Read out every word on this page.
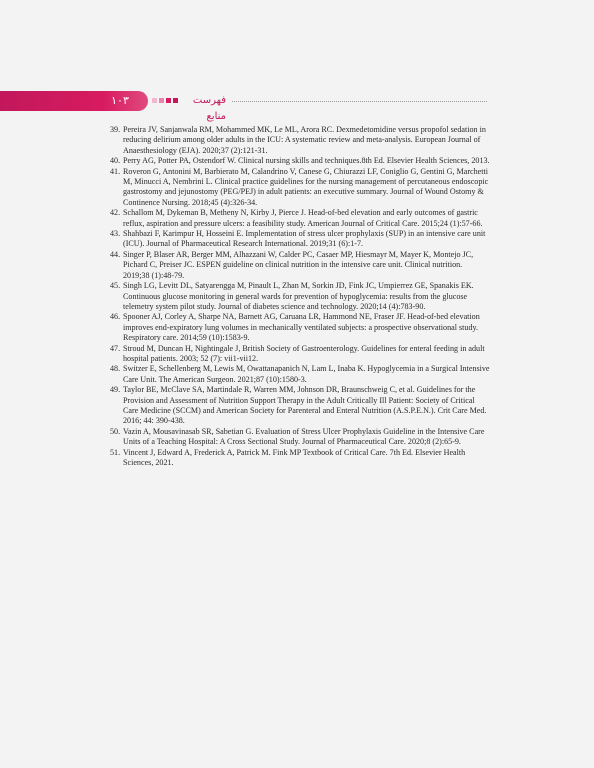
۱۰۳	فهرست منابع
39. Pereira JV, Sanjanwala RM, Mohammed MK, Le ML, Arora RC. Dexmedetomidine versus propofol sedation in reducing delirium among older adults in the ICU: A systematic review and meta-analysis. European Journal of Anaesthesiology (EJA). 2020;37 (2):121-31.
40. Perry AG, Potter PA, Ostendorf W. Clinical nursing skills and techniques.8th Ed. Elsevier Health Sciences, 2013.
41. Roveron G, Antonini M, Barbierato M, Calandrino V, Canese G, Chiurazzi LF, Coniglio G, Gentini G, Marchetti M, Minucci A, Nembrini L. Clinical practice guidelines for the nursing management of percutaneous endoscopic gastrostomy and jejunostomy (PEG/PEJ) in adult patients: an executive summary. Journal of Wound Ostomy & Continence Nursing. 2018;45 (4):326-34.
42. Schallom M, Dykeman B, Metheny N, Kirby J, Pierce J. Head-of-bed elevation and early outcomes of gastric reflux, aspiration and pressure ulcers: a feasibility study. American Journal of Critical Care. 2015;24 (1):57-66.
43. Shahbazi F, Karimpur H, Hosseini E. Implementation of stress ulcer prophylaxis (SUP) in an intensive care unit (ICU). Journal of Pharmaceutical Research International. 2019;31 (6):1-7.
44. Singer P, Blaser AR, Berger MM, Alhazzani W, Calder PC, Casaer MP, Hiesmayr M, Mayer K, Montejo JC, Pichard C, Preiser JC. ESPEN guideline on clinical nutrition in the intensive care unit. Clinical nutrition. 2019;38 (1):48-79.
45. Singh LG, Levitt DL, Satyarengga M, Pinault L, Zhan M, Sorkin JD, Fink JC, Umpierrez GE, Spanakis EK. Continuous glucose monitoring in general wards for prevention of hypoglycemia: results from the glucose telemetry system pilot study. Journal of diabetes science and technology. 2020;14 (4):783-90.
46. Spooner AJ, Corley A, Sharpe NA, Barnett AG, Caruana LR, Hammond NE, Fraser JF. Head-of-bed elevation improves end-expiratory lung volumes in mechanically ventilated subjects: a prospective observational study. Respiratory care. 2014;59 (10):1583-9.
47. Stroud M, Duncan H, Nightingale J, British Society of Gastroenterology. Guidelines for enteral feeding in adult hospital patients. 2003; 52 (7): vii1-vii12.
48. Switzer E, Schellenberg M, Lewis M, Owattanapanich N, Lam L, Inaba K. Hypoglycemia in a Surgical Intensive Care Unit. The American Surgeon. 2021;87 (10):1580-3.
49. Taylor BE, McClave SA, Martindale R, Warren MM, Johnson DR, Braunschweig C, et al. Guidelines for the Provision and Assessment of Nutrition Support Therapy in the Adult Critically Ill Patient: Society of Critical Care Medicine (SCCM) and American Society for Parenteral and Enteral Nutrition (A.S.P.E.N.). Crit Care Med. 2016; 44: 390-438.
50. Vazin A, Mousavinasab SR, Sabetian G. Evaluation of Stress Ulcer Prophylaxis Guideline in the Intensive Care Units of a Teaching Hospital: A Cross Sectional Study. Journal of Pharmaceutical Care. 2020;8 (2):65-9.
51. Vincent J, Edward A, Frederick A, Patrick M. Fink MP Textbook of Critical Care. 7th Ed. Elsevier Health Sciences, 2021.
